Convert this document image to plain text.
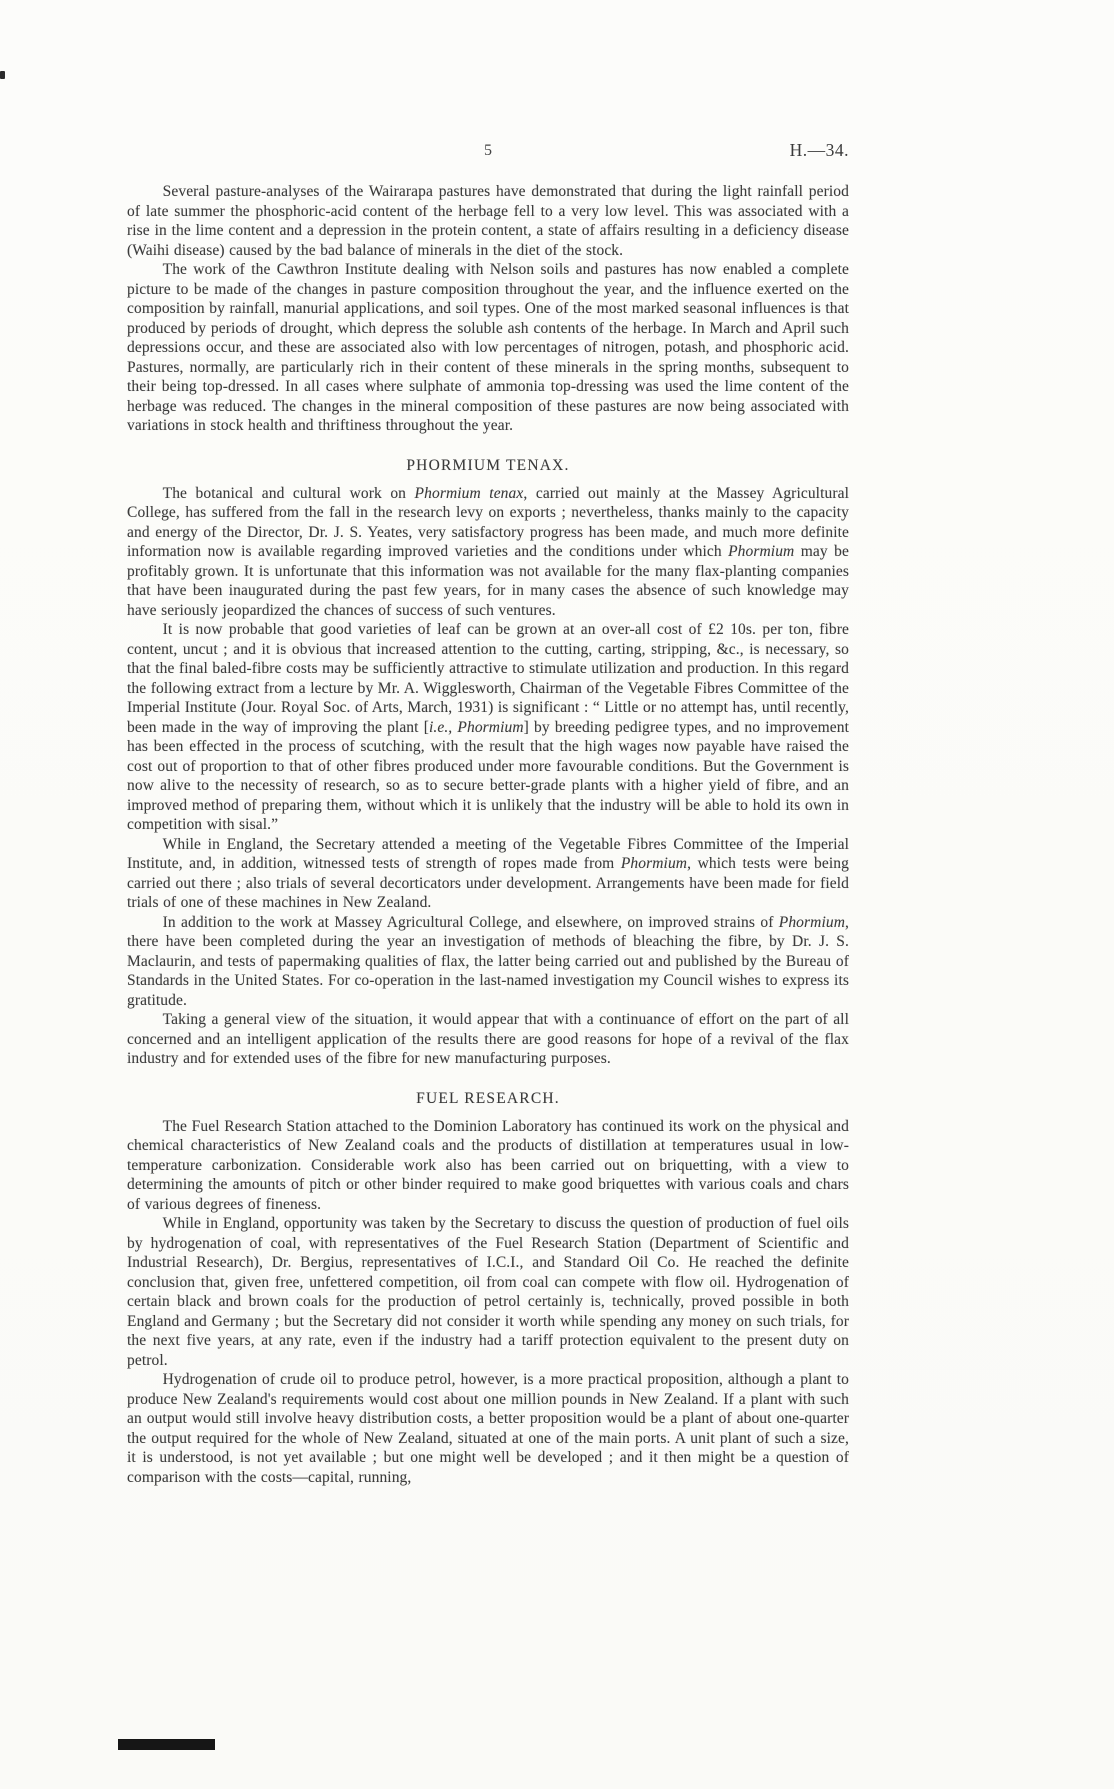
5	H.—34.

Several pasture-analyses of the Wairarapa pastures have demonstrated that during the light rainfall period of late summer the phosphoric-acid content of the herbage fell to a very low level. This was associated with a rise in the lime content and a depression in the protein content, a state of affairs resulting in a deficiency disease (Waihi disease) caused by the bad balance of minerals in the diet of the stock.

The work of the Cawthron Institute dealing with Nelson soils and pastures has now enabled a complete picture to be made of the changes in pasture composition throughout the year, and the influence exerted on the composition by rainfall, manurial applications, and soil types. One of the most marked seasonal influences is that produced by periods of drought, which depress the soluble ash contents of the herbage. In March and April such depressions occur, and these are associated also with low percentages of nitrogen, potash, and phosphoric acid. Pastures, normally, are particularly rich in their content of these minerals in the spring months, subsequent to their being top-dressed. In all cases where sulphate of ammonia top-dressing was used the lime content of the herbage was reduced. The changes in the mineral composition of these pastures are now being associated with variations in stock health and thriftiness throughout the year.

PHORMIUM TENAX.

The botanical and cultural work on Phormium tenax, carried out mainly at the Massey Agricultural College, has suffered from the fall in the research levy on exports ; nevertheless, thanks mainly to the capacity and energy of the Director, Dr. J. S. Yeates, very satisfactory progress has been made, and much more definite information now is available regarding improved varieties and the conditions under which Phormium may be profitably grown. It is unfortunate that this information was not available for the many flax-planting companies that have been inaugurated during the past few years, for in many cases the absence of such knowledge may have seriously jeopardized the chances of success of such ventures.

It is now probable that good varieties of leaf can be grown at an over-all cost of £2 10s. per ton, fibre content, uncut ; and it is obvious that increased attention to the cutting, carting, stripping, &c., is necessary, so that the final baled-fibre costs may be sufficiently attractive to stimulate utilization and production. In this regard the following extract from a lecture by Mr. A. Wigglesworth, Chairman of the Vegetable Fibres Committee of the Imperial Institute (Jour. Royal Soc. of Arts, March, 1931) is significant : “ Little or no attempt has, until recently, been made in the way of improving the plant [i.e., Phormium] by breeding pedigree types, and no improvement has been effected in the process of scutching, with the result that the high wages now payable have raised the cost out of proportion to that of other fibres produced under more favourable conditions. But the Government is now alive to the necessity of research, so as to secure better-grade plants with a higher yield of fibre, and an improved method of preparing them, without which it is unlikely that the industry will be able to hold its own in competition with sisal.”

While in England, the Secretary attended a meeting of the Vegetable Fibres Committee of the Imperial Institute, and, in addition, witnessed tests of strength of ropes made from Phormium, which tests were being carried out there ; also trials of several decorticators under development. Arrangements have been made for field trials of one of these machines in New Zealand.

In addition to the work at Massey Agricultural College, and elsewhere, on improved strains of Phormium, there have been completed during the year an investigation of methods of bleaching the fibre, by Dr. J. S. Maclaurin, and tests of papermaking qualities of flax, the latter being carried out and published by the Bureau of Standards in the United States. For co-operation in the last-named investigation my Council wishes to express its gratitude.

Taking a general view of the situation, it would appear that with a continuance of effort on the part of all concerned and an intelligent application of the results there are good reasons for hope of a revival of the flax industry and for extended uses of the fibre for new manufacturing purposes.

FUEL RESEARCH.

The Fuel Research Station attached to the Dominion Laboratory has continued its work on the physical and chemical characteristics of New Zealand coals and the products of distillation at temperatures usual in low-temperature carbonization. Considerable work also has been carried out on briquetting, with a view to determining the amounts of pitch or other binder required to make good briquettes with various coals and chars of various degrees of fineness.

While in England, opportunity was taken by the Secretary to discuss the question of production of fuel oils by hydrogenation of coal, with representatives of the Fuel Research Station (Department of Scientific and Industrial Research), Dr. Bergius, representatives of I.C.I., and Standard Oil Co. He reached the definite conclusion that, given free, unfettered competition, oil from coal can compete with flow oil. Hydrogenation of certain black and brown coals for the production of petrol certainly is, technically, proved possible in both England and Germany ; but the Secretary did not consider it worth while spending any money on such trials, for the next five years, at any rate, even if the industry had a tariff protection equivalent to the present duty on petrol.

Hydrogenation of crude oil to produce petrol, however, is a more practical proposition, although a plant to produce New Zealand's requirements would cost about one million pounds in New Zealand. If a plant with such an output would still involve heavy distribution costs, a better proposition would be a plant of about one-quarter the output required for the whole of New Zealand, situated at one of the main ports. A unit plant of such a size, it is understood, is not yet available ; but one might well be developed ; and it then might be a question of comparison with the costs—capital, running,
